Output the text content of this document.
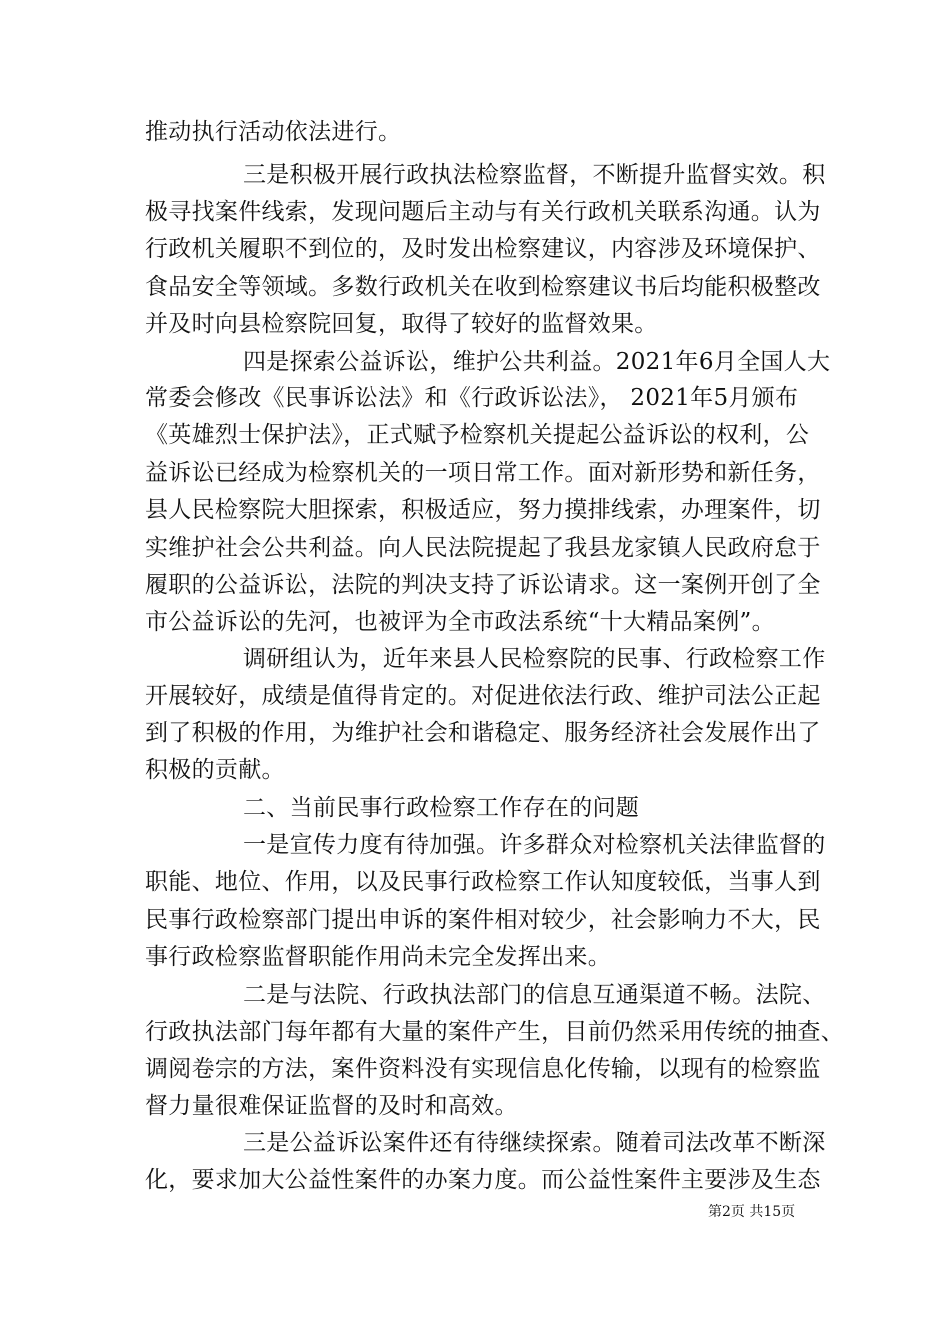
推动执行活动依法进行。
三是积极开展行政执法检察监督，不断提升监督实效。积
极寻找案件线索，发现问题后主动与有关行政机关联系沟通。认为
行政机关履职不到位的，及时发出检察建议，内容涉及环境保护、
食品安全等领域。多数行政机关在收到检察建议书后均能积极整改
并及时向县检察院回复，取得了较好的监督效果。
四是探索公益诉讼，维护公共利益。2021年6月全国人大
常委会修改《民事诉讼法》和《行政诉讼法》， 2021年5月颁布
《英雄烈士保护法》，正式赋予检察机关提起公益诉讼的权利，公
益诉讼已经成为检察机关的一项日常工作。面对新形势和新任务，
县人民检察院大胆探索，积极适应，努力摸排线索，办理案件，切
实维护社会公共利益。向人民法院提起了我县龙家镇人民政府怠于
履职的公益诉讼，法院的判决支持了诉讼请求。这一案例开创了全
市公益诉讼的先河，也被评为全市政法系统“十大精品案例”。
调研组认为，近年来县人民检察院的民事、行政检察工作
开展较好，成绩是值得肯定的。对促进依法行政、维护司法公正起
到了积极的作用，为维护社会和谐稳定、服务经济社会发展作出了
积极的贡献。
二、当前民事行政检察工作存在的问题
一是宣传力度有待加强。许多群众对检察机关法律监督的
职能、地位、作用，以及民事行政检察工作认知度较低，当事人到
民事行政检察部门提出申诉的案件相对较少，社会影响力不大，民
事行政检察监督职能作用尚未完全发挥出来。
二是与法院、行政执法部门的信息互通渠道不畅。法院、
行政执法部门每年都有大量的案件产生，目前仍然采用传统的抽查、
调阅卷宗的方法，案件资料没有实现信息化传输，以现有的检察监
督力量很难保证监督的及时和高效。
三是公益诉讼案件还有待继续探索。随着司法改革不断深
化，要求加大公益性案件的办案力度。而公益性案件主要涉及生态
第2页 共15页
